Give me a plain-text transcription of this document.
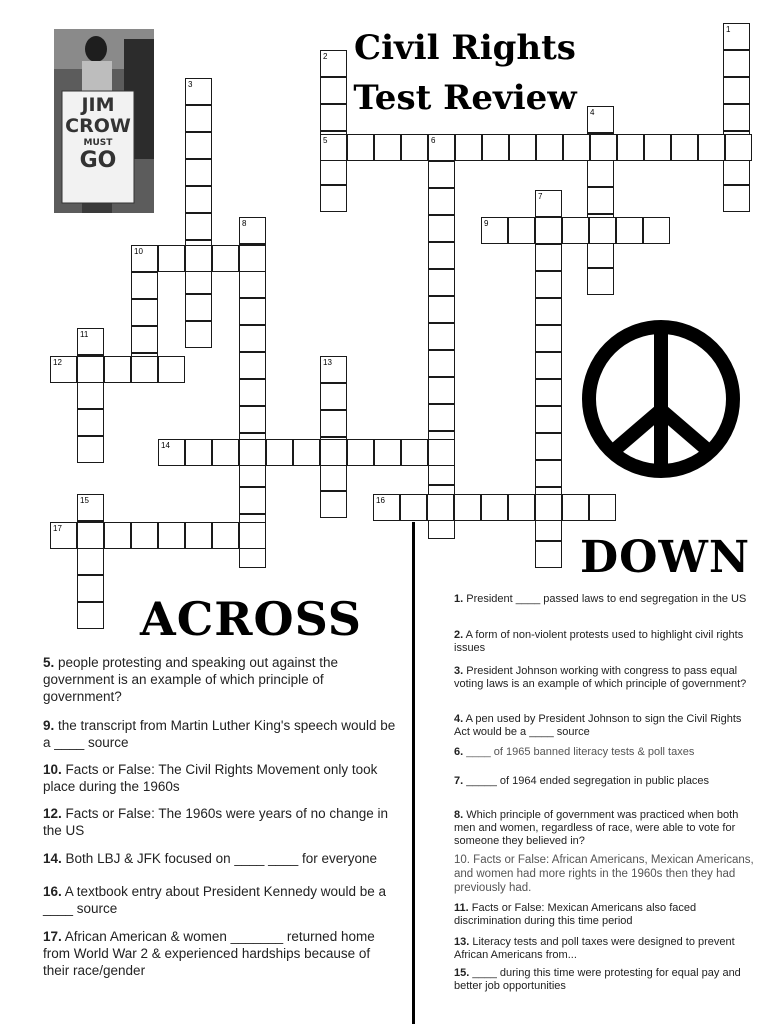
JIM
CROW
MUST
GO
Civil Rights
Test Review
1
2
3
4
5	6
7
8	9
10
11
12	13
14
15	16
17
DOWN
ACROSS
5. people protesting and speaking out against the government is an example of which principle of government?
9. the transcript from Martin Luther King's speech would be a ____ source
10. Facts or False: The Civil Rights Movement only took place during the 1960s
12. Facts or False: The 1960s were years of no change in the US
14. Both LBJ & JFK focused on ____ ____ for everyone
16. A textbook entry about President Kennedy would be a ____ source
17. African American & women _______ returned home from World War 2 & experienced hardships because of their race/gender
1. President ____ passed laws to end segregation in the US
2. A form of non-violent protests used to highlight civil rights issues
3. President Johnson working with congress to pass equal voting laws is an example of which principle of government?
4. A pen used by President Johnson to sign the Civil Rights Act would be a ____ source
6. ____ of 1965 banned literacy tests & poll taxes
7. _____ of 1964 ended segregation in public places
8. Which principle of government was practiced when both men and women, regardless of race, were able to vote for someone they believed in?
10. Facts or False: African Americans, Mexican Americans, and women had more rights in the 1960s then they had previously had.
11. Facts or False: Mexican Americans also faced discrimination during this time period
13. Literacy tests and poll taxes were designed to prevent African Americans from...
15. ____ during this time were protesting for equal pay and better job opportunities
